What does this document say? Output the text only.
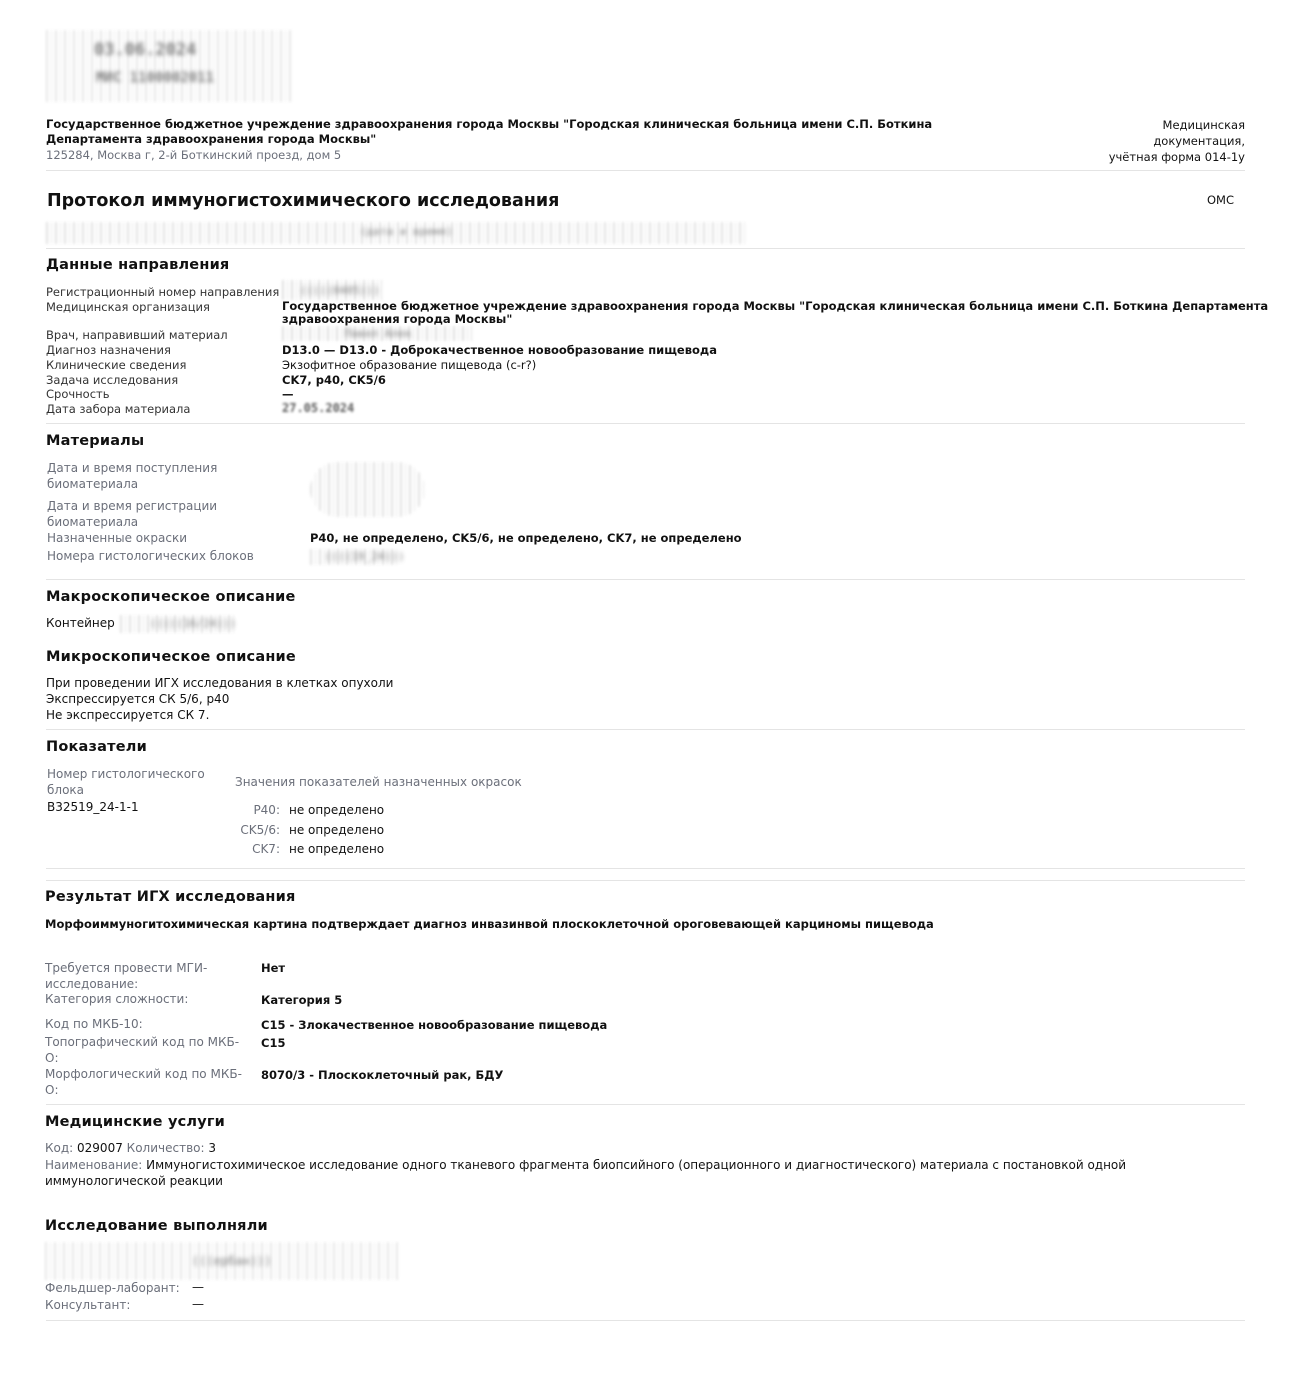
03.06.2024
МИС 1100002011
Государственное бюджетное учреждение здравоохранения города Москвы "Городская клиническая больница имени С.П. Боткина
Департамента здравоохранения города Москвы"
125284, Москва г, 2-й Боткинский проезд, дом 5
Медицинская
документация,
учётная форма 014-1у
Протокол иммуногистохимического исследования	ОМС
(дата и время)
Данные направления
Регистрационный номер направления (((((0405)))
Медицинская организация	Государственное бюджетное учреждение здравоохранения города Москвы "Городская клиническая больница имени С.П. Боткина Департамента
здравоохранения города Москвы"
Врач, направивший материал	Павел Алек
Диагноз назначения	D13.0 — D13.0 - Доброкачественное новообразование пищевода
Клинические сведения	Экзофитное образование пищевода (c-r?)
Задача исследования	CK7, p40, CK5/6
Срочность	—
Дата забора материала	27.05.2024
Материалы
Дата и время поступления
биоматериала
Дата и время регистрации
биоматериала
Назначенные окраски	P40, не определено, CK5/6, не определено, CK7, не определено
Номера гистологических блоков	((((19_24)))
Макроскопическое описание
Контейнер	(((((16/24)))
Микроскопическое описание
При проведении ИГХ исследования в клетках опухоли
Экспрессируется СК 5/6, p40
Не экспрессируется СК 7.
Показатели
Номер гистологического
блока
Значения показателей назначенных окрасок
B32519_24-1-1	P40: не определено
CK5/6: не определено
CK7: не определено
Результат ИГХ исследования
Морфоиммуногитохимическая картина подтверждает диагноз инвазинвой плоскоклеточной ороговевающей карциномы пищевода
Требуется провести МГИ-
исследование:
Нет
Категория сложности:	Категория 5
Код по МКБ-10:	C15 - Злокачественное новообразование пищевода
Топографический код по МКБ-
О:
C15
Морфологический код по МКБ-
О:
8070/3 - Плоскоклеточный рак, БДУ
Медицинские услуги
Код: 029007 Количество: 3
Наименование: Иммуногистохимическое исследование одного тканевого фрагмента биопсийного (операционного и диагностического) материала с постановкой одной
иммунологической реакции
Исследование выполняли
(((ербан)))
Фельдшер-лаборант: —
Консультант:	—
